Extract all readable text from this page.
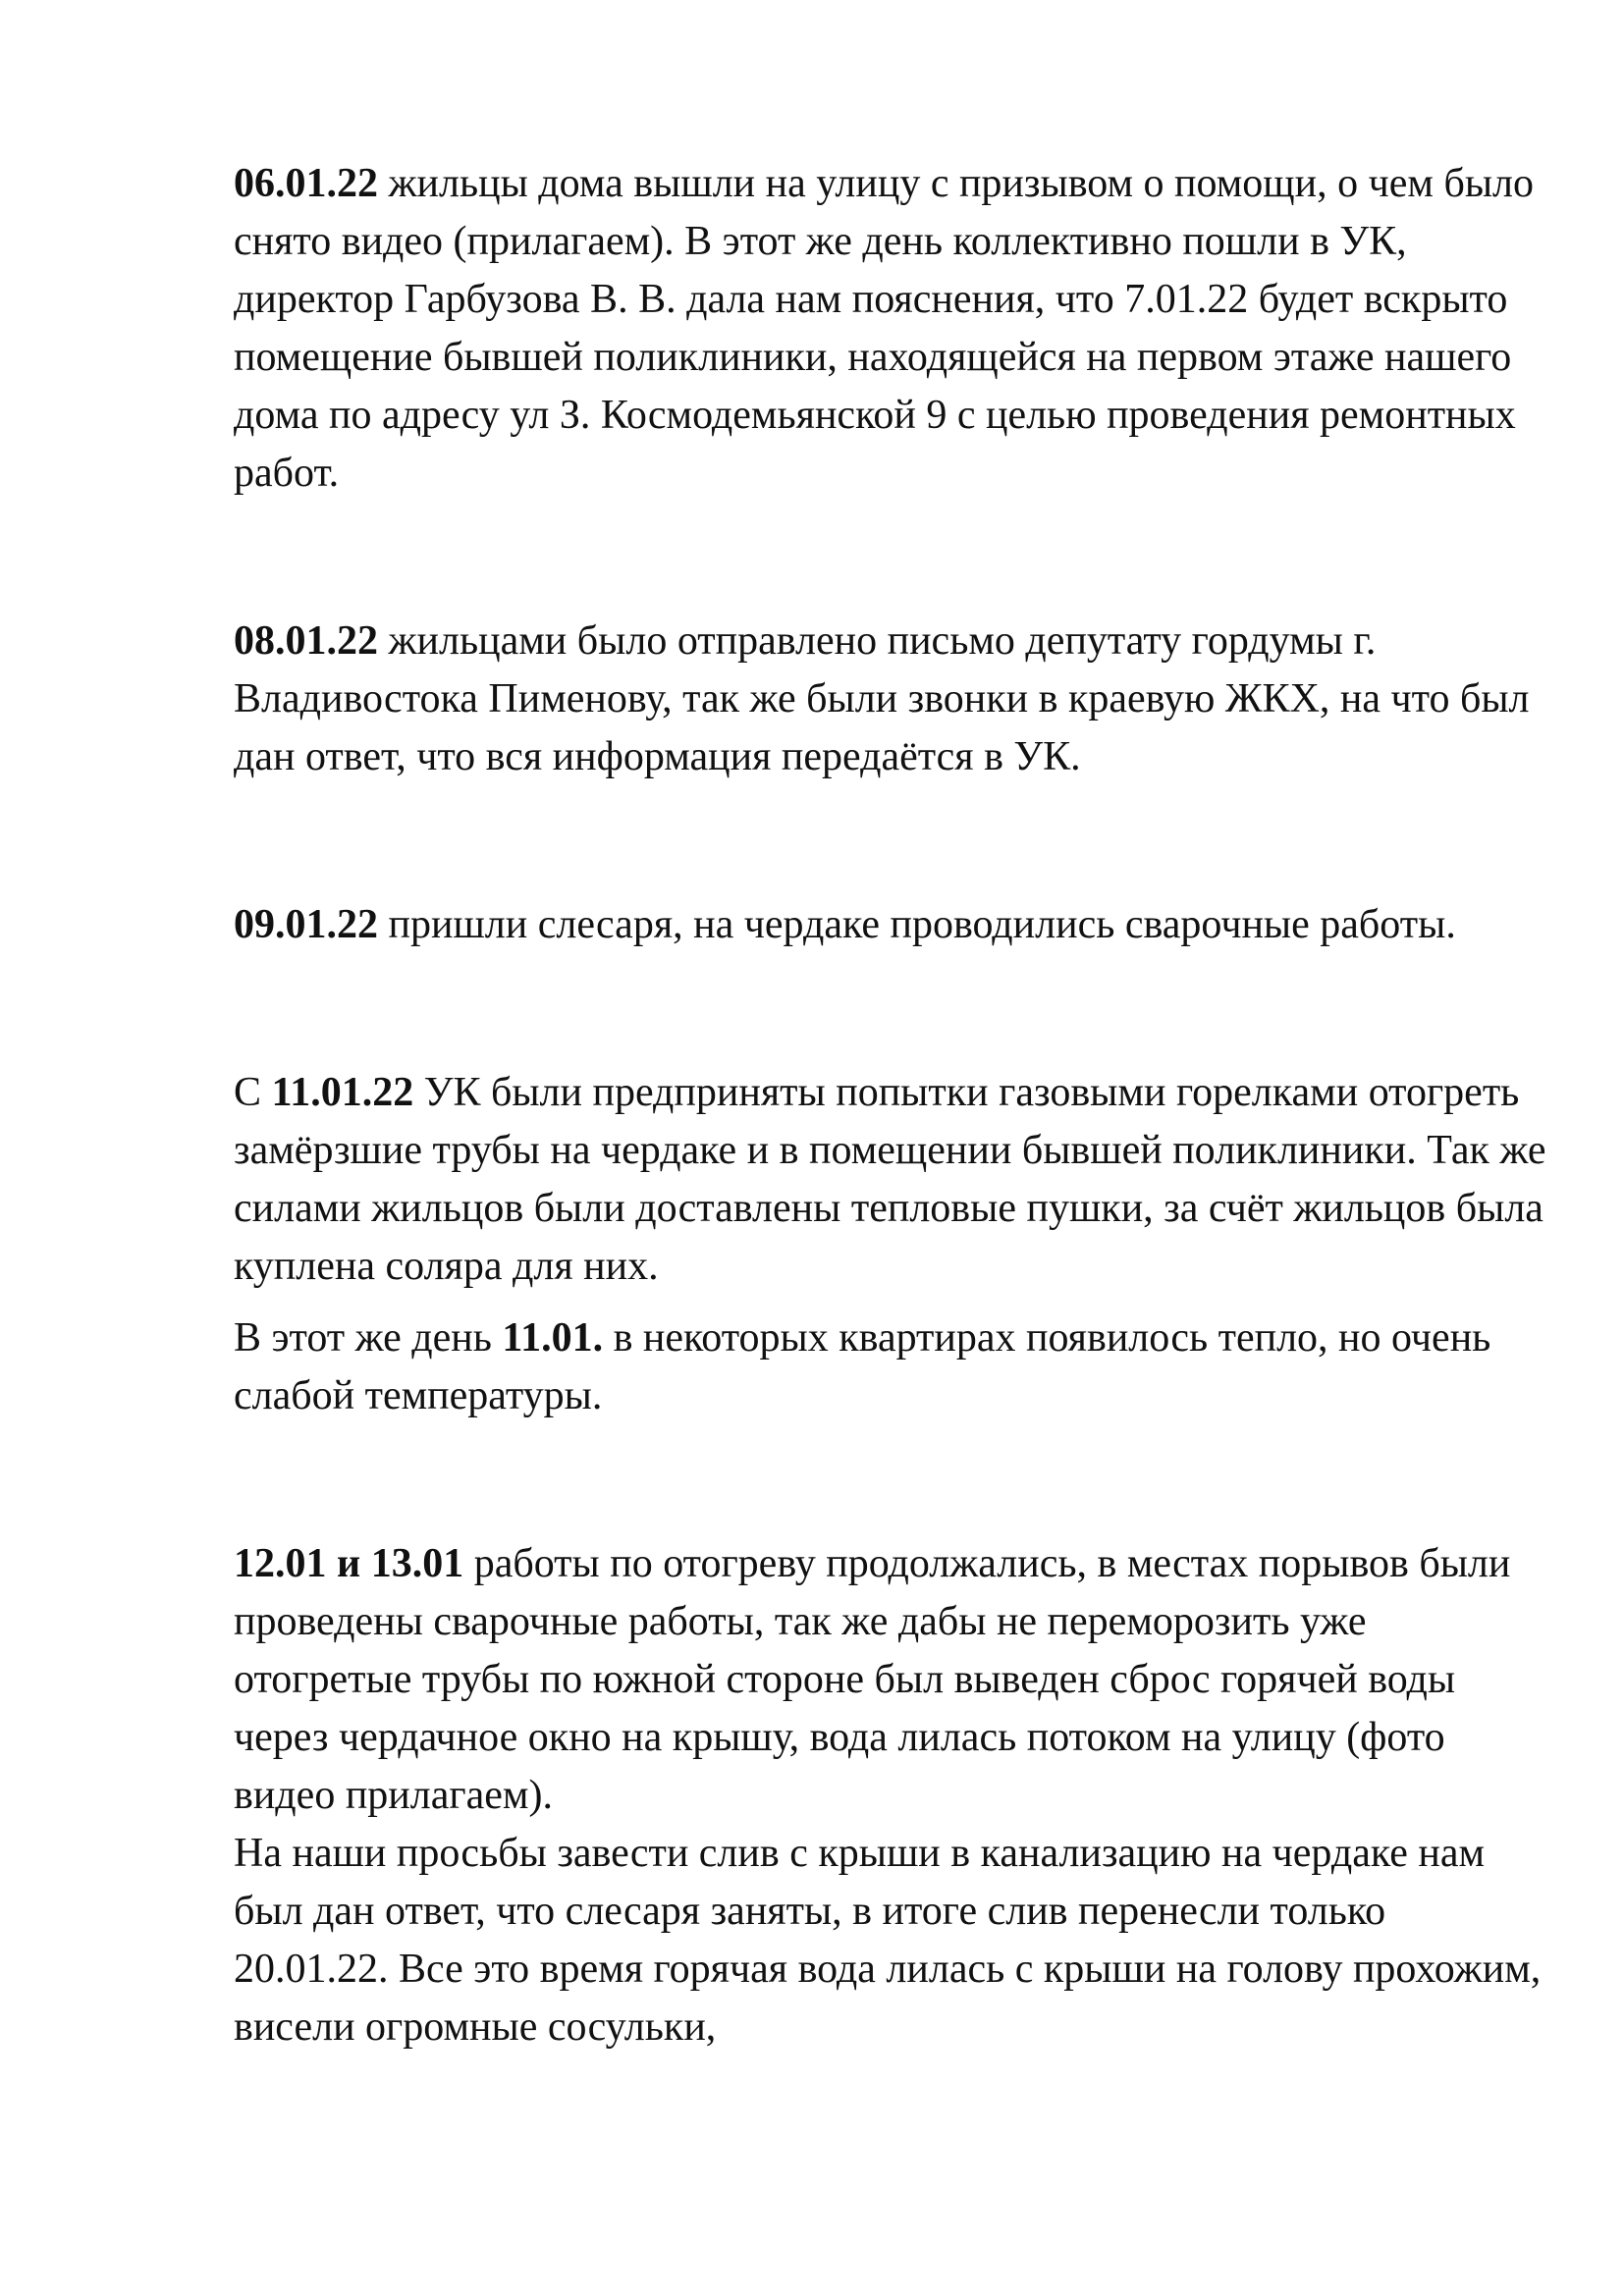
06.01.22 жильцы дома вышли на улицу с призывом о помощи, о чем было снято видео (прилагаем). В этот же день коллективно пошли в УК, директор Гарбузова В. В. дала нам пояснения, что 7.01.22 будет вскрыто помещение бывшей поликлиники, находящейся на первом этаже нашего дома по адресу ул З. Космодемьянской 9 с целью проведения ремонтных работ.

08.01.22 жильцами было отправлено письмо депутату гордумы г. Владивостока Пименову, так же были звонки в краевую ЖКХ, на что был дан ответ, что вся информация передаётся в УК.

09.01.22 пришли слесаря, на чердаке проводились сварочные работы.

С 11.01.22 УК были предприняты попытки газовыми горелками отогреть замёрзшие трубы на чердаке и в помещении бывшей поликлиники. Так же силами жильцов были доставлены тепловые пушки, за счёт жильцов была куплена соляра для них.

В этот же день 11.01. в некоторых квартирах появилось тепло, но очень слабой температуры.

12.01 и 13.01 работы по отогреву продолжались, в местах порывов были проведены сварочные работы, так же дабы не переморозить уже отогретые трубы по южной стороне был выведен сброс горячей воды через чердачное окно на крышу, вода лилась потоком на улицу (фото видео прилагаем).

На наши просьбы завести слив с крыши в канализацию на чердаке нам был дан ответ, что слесаря заняты, в итоге слив перенесли только 20.01.22. Все это время горячая вода лилась с крыши на голову прохожим, висели огромные сосульки,
